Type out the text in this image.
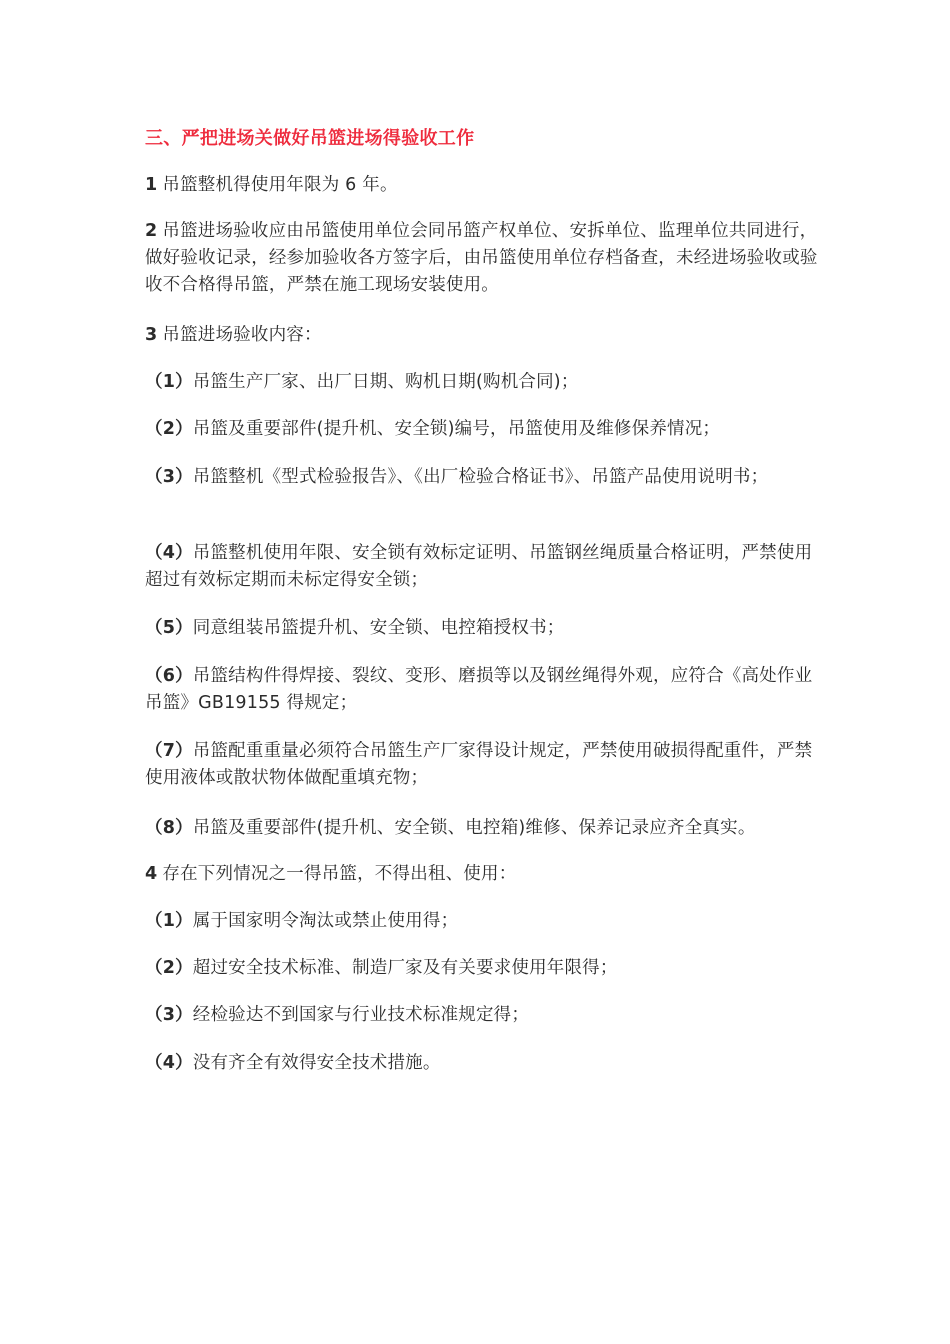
三、严把进场关做好吊篮进场得验收工作
1 吊篮整机得使用年限为 6 年。
2 吊篮进场验收应由吊篮使用单位会同吊篮产权单位、安拆单位、监理单位共同进行，做好验收记录，经参加验收各方签字后，由吊篮使用单位存档备查，未经进场验收或验收不合格得吊篮，严禁在施工现场安装使用。
3 吊篮进场验收内容：
（1）吊篮生产厂家、出厂日期、购机日期(购机合同)；
（2）吊篮及重要部件(提升机、安全锁)编号，吊篮使用及维修保养情况；
（3）吊篮整机《型式检验报告》、《出厂检验合格证书》、吊篮产品使用说明书；
（4）吊篮整机使用年限、安全锁有效标定证明、吊篮钢丝绳质量合格证明，严禁使用超过有效标定期而未标定得安全锁；
（5）同意组装吊篮提升机、安全锁、电控箱授权书；
（6）吊篮结构件得焊接、裂纹、变形、磨损等以及钢丝绳得外观，应符合《高处作业吊篮》GB19155 得规定；
（7）吊篮配重重量必须符合吊篮生产厂家得设计规定，严禁使用破损得配重件，严禁使用液体或散状物体做配重填充物；
（8）吊篮及重要部件(提升机、安全锁、电控箱)维修、保养记录应齐全真实。
4 存在下列情况之一得吊篮，不得出租、使用：
（1）属于国家明令淘汰或禁止使用得；
（2）超过安全技术标准、制造厂家及有关要求使用年限得；
（3）经检验达不到国家与行业技术标准规定得；
（4）没有齐全有效得安全技术措施。
